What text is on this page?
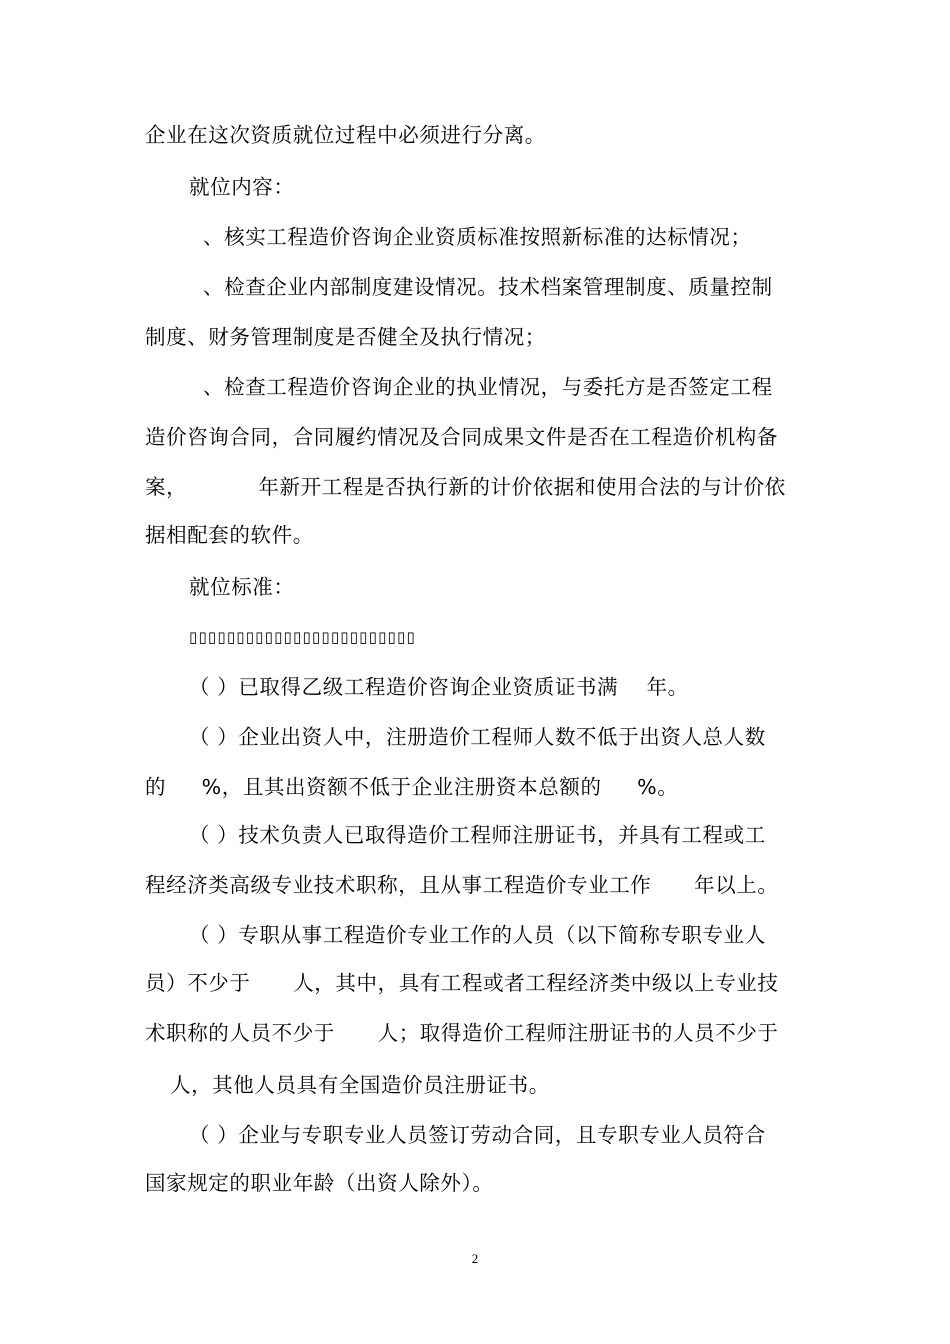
企业在这次资质就位过程中必须进行分离。
就位内容：
、核实工程造价咨询企业资质标准按照新标准的达标情况；
、检查企业内部制度建设情况。技术档案管理制度、质量控制
制度、财务管理制度是否健全及执行情况；
、检查工程造价咨询企业的执业情况，与委托方是否签定工程
造价咨询合同，合同履约情况及合同成果文件是否在工程造价机构备
案，          年新开工程是否执行新的计价依据和使用合法的与计价依
据相配套的软件。
就位标准：
▯▯▯▯▯▯▯▯▯▯▯▯▯▯▯▯▯▯▯▯▯▯▯▯
（ ）已取得乙级工程造价咨询企业资质证书满    年。
（ ）企业出资人中，注册造价工程师人数不低于出资人总人数
的     %，且其出资额不低于企业注册资本总额的     %。
（ ）技术负责人已取得造价工程师注册证书，并具有工程或工
程经济类高级专业技术职称，且从事工程造价专业工作      年以上。
（ ）专职从事工程造价专业工作的人员（以下简称专职专业人
员）不少于      人，其中，具有工程或者工程经济类中级以上专业技
术职称的人员不少于      人；取得造价工程师注册证书的人员不少于
人，其他人员具有全国造价员注册证书。
（ ）企业与专职专业人员签订劳动合同，且专职专业人员符合
国家规定的职业年龄（出资人除外）。
2
